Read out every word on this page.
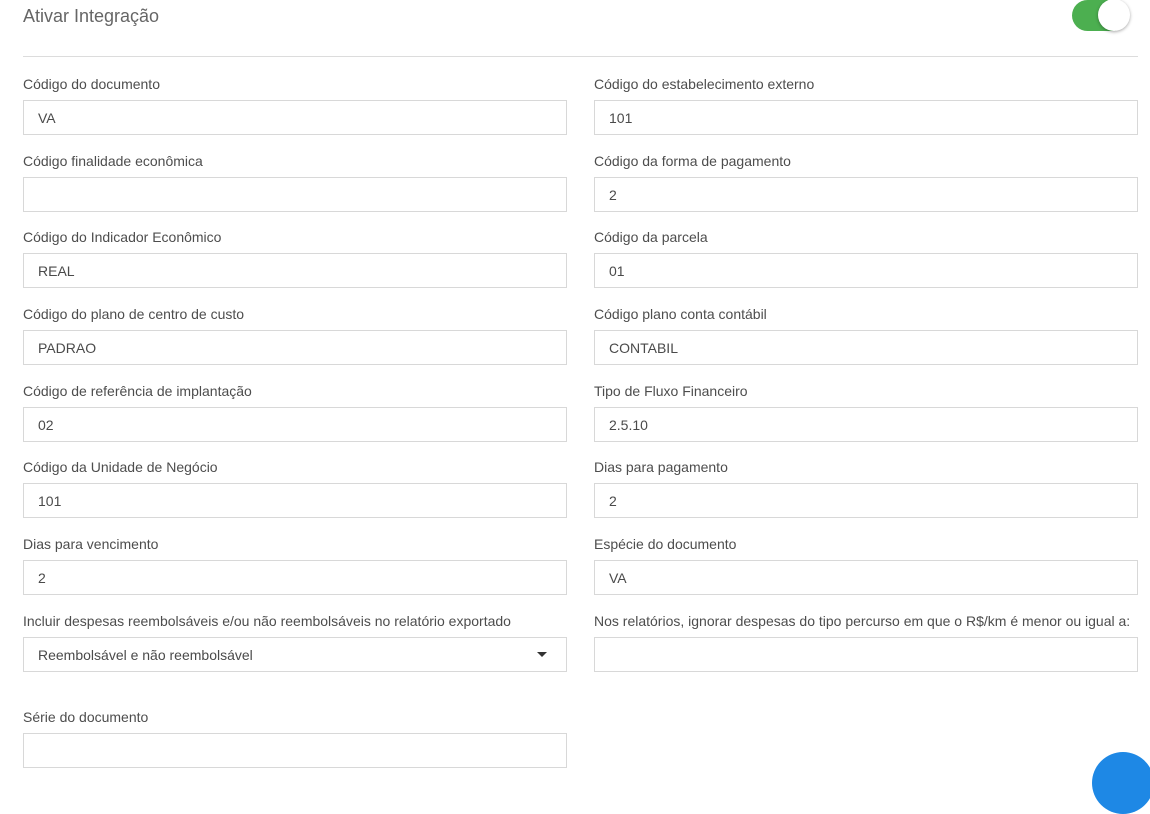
Ativar Integração
Código do documento
VA
Código do estabelecimento externo
101
Código finalidade econômica	Código da forma de pagamento
2
Código do Indicador Econômico
REAL
Código da parcela
01
Código do plano de centro de custo
PADRAO
Código plano conta contábil
CONTABIL
Código de referência de implantação
02
Tipo de Fluxo Financeiro
2.5.10
Código da Unidade de Negócio
101
Dias para pagamento
2
Dias para vencimento
2
Espécie do documento
VA
Incluir despesas reembolsáveis e/ou não reembolsáveis no relatório exportado
Reembolsável e não reembolsável
Nos relatórios, ignorar despesas do tipo percurso em que o R$/km é menor ou igual a:
Série do documento
